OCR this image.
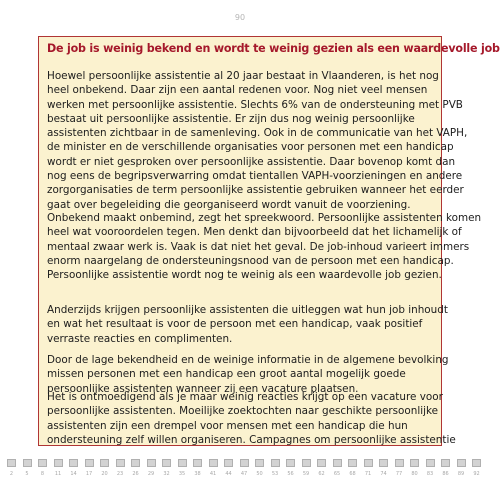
90
De job is weinig bekend en wordt te weinig gezien als een waardevolle job

Hoewel persoonlijke assistentie al 20 jaar bestaat in Vlaanderen, is het nog
heel onbekend. Daar zijn een aantal redenen voor. Nog niet veel mensen
werken met persoonlijke assistentie. Slechts 6% van de ondersteuning met PVB
bestaat uit persoonlijke assistentie. Er zijn dus nog weinig persoonlijke
assistenten zichtbaar in de samenleving. Ook in de communicatie van het VAPH,
de minister en de verschillende organisaties voor personen met een handicap
wordt er niet gesproken over persoonlijke assistentie. Daar bovenop komt dan
nog eens de begripsverwarring omdat tientallen VAPH-voorzieningen en andere
zorgorganisaties de term persoonlijke assistentie gebruiken wanneer het eerder
gaat over begeleiding die georganiseerd wordt vanuit de voorziening.

Onbekend maakt onbemind, zegt het spreekwoord. Persoonlijke assistenten komen
heel wat vooroordelen tegen. Men denkt dan bijvoorbeeld dat het lichamelijk of
mentaal zwaar werk is. Vaak is dat niet het geval. De job-inhoud varieert immers
enorm naargelang de ondersteuningsnood van de persoon met een handicap.
Persoonlijke assistentie wordt nog te weinig als een waardevolle job gezien.

Anderzijds krijgen persoonlijke assistenten die uitleggen wat hun job inhoudt
en wat het resultaat is voor de persoon met een handicap, vaak positief
verraste reacties en complimenten.

Door de lage bekendheid en de weinige informatie in de algemene bevolking
missen personen met een handicap een groot aantal mogelijk goede
persoonlijke assistenten wanneer zij een vacature plaatsen.

Het is ontmoedigend als je maar weinig reacties krijgt op een vacature voor
persoonlijke assistenten. Moeilijke zoektochten naar geschikte persoonlijke
assistenten zijn een drempel voor mensen met een handicap die hun
ondersteuning zelf willen organiseren. Campagnes om persoonlijke assistentie

2	5	8	11	14	17	20	23	26	29	32	35	38	41	44	47	50	53	56	59	62	65	68	71	74	77	80	83	86	89	92
